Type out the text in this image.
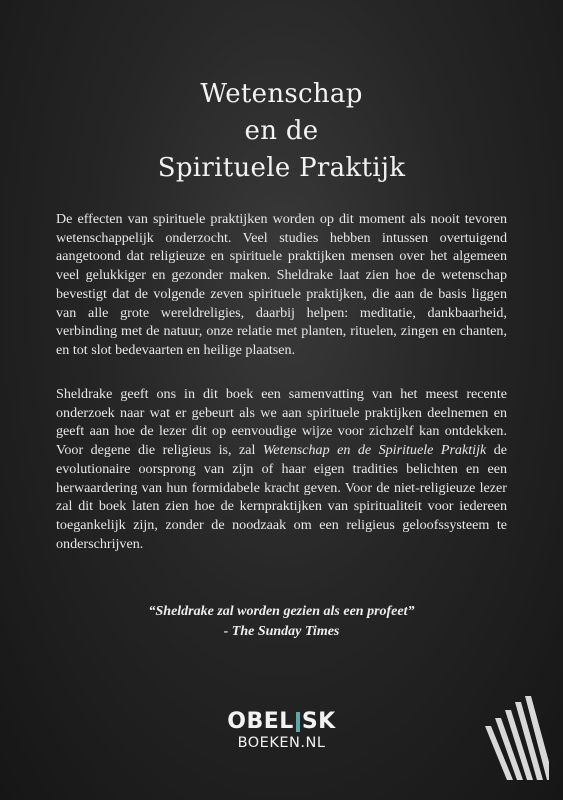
Wetenschap
en de
Spirituele Praktijk
De effecten van spirituele praktijken worden op dit moment als nooit tevoren wetenschappelijk onderzocht. Veel studies hebben intussen overtuigend aangetoond dat religieuze en spirituele praktijken mensen over het algemeen veel gelukkiger en gezonder maken. Sheldrake laat zien hoe de wetenschap bevestigt dat de volgende zeven spirituele praktijken, die aan de basis liggen van alle grote wereldreligies, daarbij helpen: meditatie, dankbaarheid, verbinding met de natuur, onze relatie met planten, rituelen, zingen en chanten, en tot slot bedevaarten en heilige plaatsen.
Sheldrake geeft ons in dit boek een samenvatting van het meest recente onderzoek naar wat er gebeurt als we aan spirituele praktijken deelnemen en geeft aan hoe de lezer dit op eenvoudige wijze voor zichzelf kan ontdekken. Voor degene die religieus is, zal Wetenschap en de Spirituele Praktijk de evolutionaire oorsprong van zijn of haar eigen tradities belichten en een herwaardering van hun formidabele kracht geven. Voor de niet-religieuze lezer zal dit boek laten zien hoe de kernpraktijken van spiritualiteit voor iedereen toegankelijk zijn, zonder de noodzaak om een religieus geloofssysteem te onderschrijven.
“Sheldrake zal worden gezien als een profeet”
- The Sunday Times
OBEL SK
BOEKEN.NL
